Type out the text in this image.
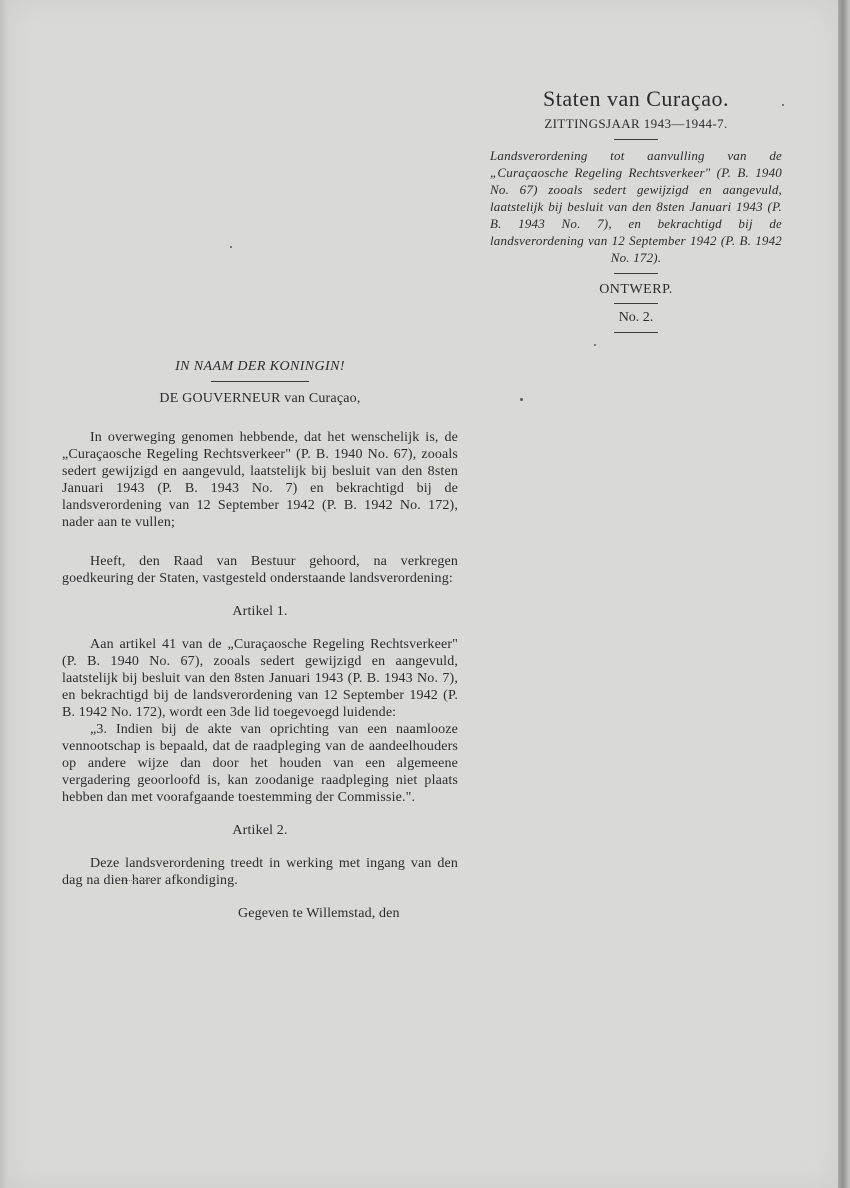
Staten van Curaçao.
ZITTINGSJAAR 1943—1944-7.
Landsverordening tot aanvulling van de „Curaçaosche Regeling Rechtsverkeer" (P. B. 1940 No. 67) zooals sedert gewijzigd en aangevuld, laatstelijk bij besluit van den 8sten Januari 1943 (P. B. 1943 No. 7), en bekrachtigd bij de landsverordening van 12 September 1942 (P. B. 1942 No. 172).
ONTWERP.
No. 2.
IN NAAM DER KONINGIN!
DE GOUVERNEUR van Curaçao,
In overweging genomen hebbende, dat het wenschelijk is, de „Curaçaosche Regeling Rechtsverkeer" (P. B. 1940 No. 67), zooals sedert gewijzigd en aangevuld, laatstelijk bij besluit van den 8sten Januari 1943 (P. B. 1943 No. 7) en bekrachtigd bij de landsverordening van 12 September 1942 (P. B. 1942 No. 172), nader aan te vullen;
Heeft, den Raad van Bestuur gehoord, na verkregen goedkeuring der Staten, vastgesteld onderstaande landsverordening:
Artikel 1.
Aan artikel 41 van de „Curaçaosche Regeling Rechtsverkeer" (P. B. 1940 No. 67), zooals sedert gewijzigd en aangevuld, laatstelijk bij besluit van den 8sten Januari 1943 (P. B. 1943 No. 7), en bekrachtigd bij de landsverordening van 12 September 1942 (P. B. 1942 No. 172), wordt een 3de lid toegevoegd luidende:
„3. Indien bij de akte van oprichting van een naamlooze vennootschap is bepaald, dat de raadpleging van de aandeelhouders op andere wijze dan door het houden van een algemeene vergadering geoorloofd is, kan zoodanige raadpleging niet plaats hebben dan met voorafgaande toestemming der Commissie.".
Artikel 2.
Deze landsverordening treedt in werking met ingang van den dag na dien harer afkondiging.
Gegeven te Willemstad, den
